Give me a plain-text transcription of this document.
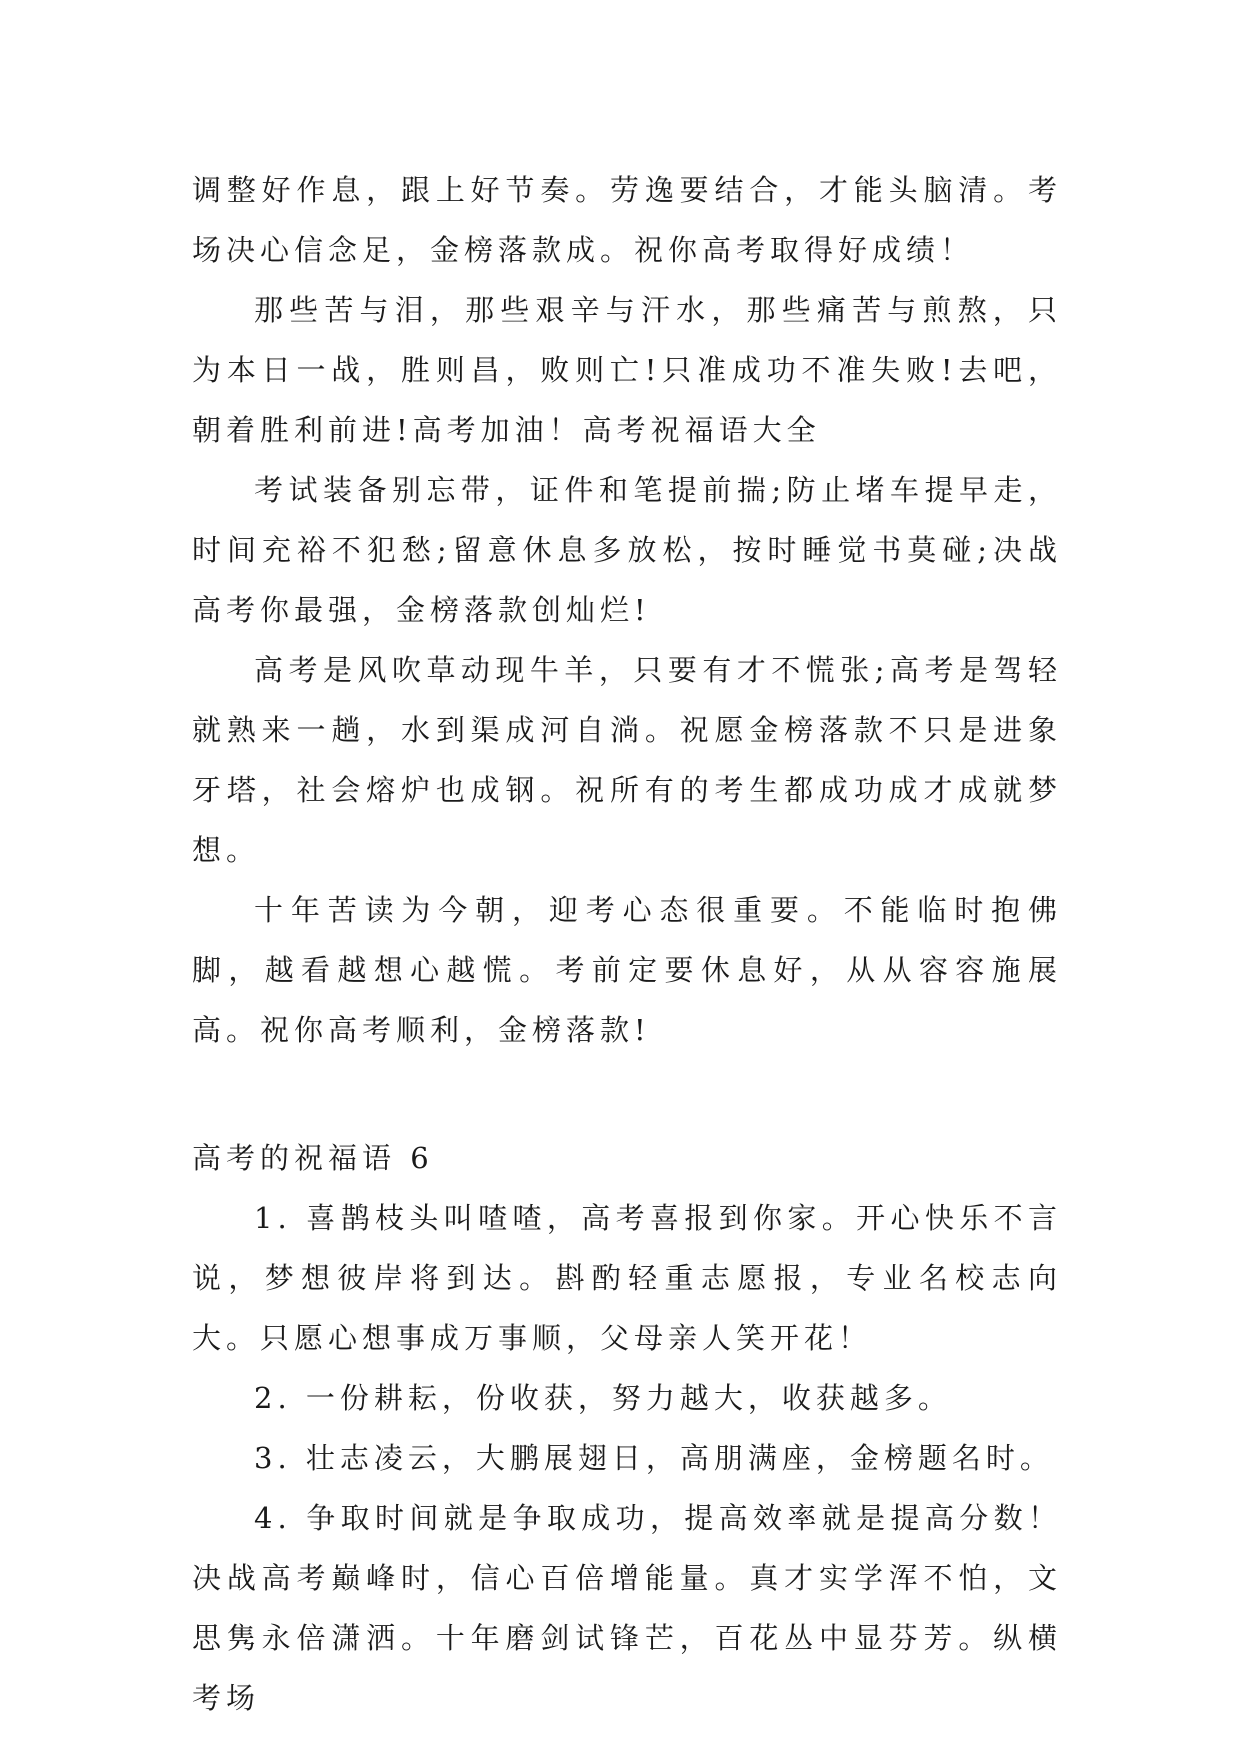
调整好作息，跟上好节奏。劳逸要结合，才能头脑清。考场决心信念足，金榜落款成。祝你高考取得好成绩！

那些苦与泪，那些艰辛与汗水，那些痛苦与煎熬，只为本日一战，胜则昌，败则亡!只准成功不准失败!去吧，朝着胜利前进!高考加油！高考祝福语大全

考试装备别忘带，证件和笔提前揣;防止堵车提早走，时间充裕不犯愁;留意休息多放松，按时睡觉书莫碰;决战高考你最强，金榜落款创灿烂!

高考是风吹草动现牛羊，只要有才不慌张;高考是驾轻就熟来一趟，水到渠成河自淌。祝愿金榜落款不只是进象牙塔，社会熔炉也成钢。祝所有的考生都成功成才成就梦想。

十年苦读为今朝，迎考心态很重要。不能临时抱佛脚，越看越想心越慌。考前定要休息好，从从容容施展高。祝你高考顺利，金榜落款!

高考的祝福语 6

1. 喜鹊枝头叫喳喳，高考喜报到你家。开心快乐不言说，梦想彼岸将到达。斟酌轻重志愿报，专业名校志向大。只愿心想事成万事顺，父母亲人笑开花！

2. 一份耕耘，份收获，努力越大，收获越多。

3. 壮志凌云，大鹏展翅日，高朋满座，金榜题名时。

4. 争取时间就是争取成功，提高效率就是提高分数！决战高考巅峰时，信心百倍增能量。真才实学浑不怕，文思隽永倍潇洒。十年磨剑试锋芒，百花丛中显芬芳。纵横考场
